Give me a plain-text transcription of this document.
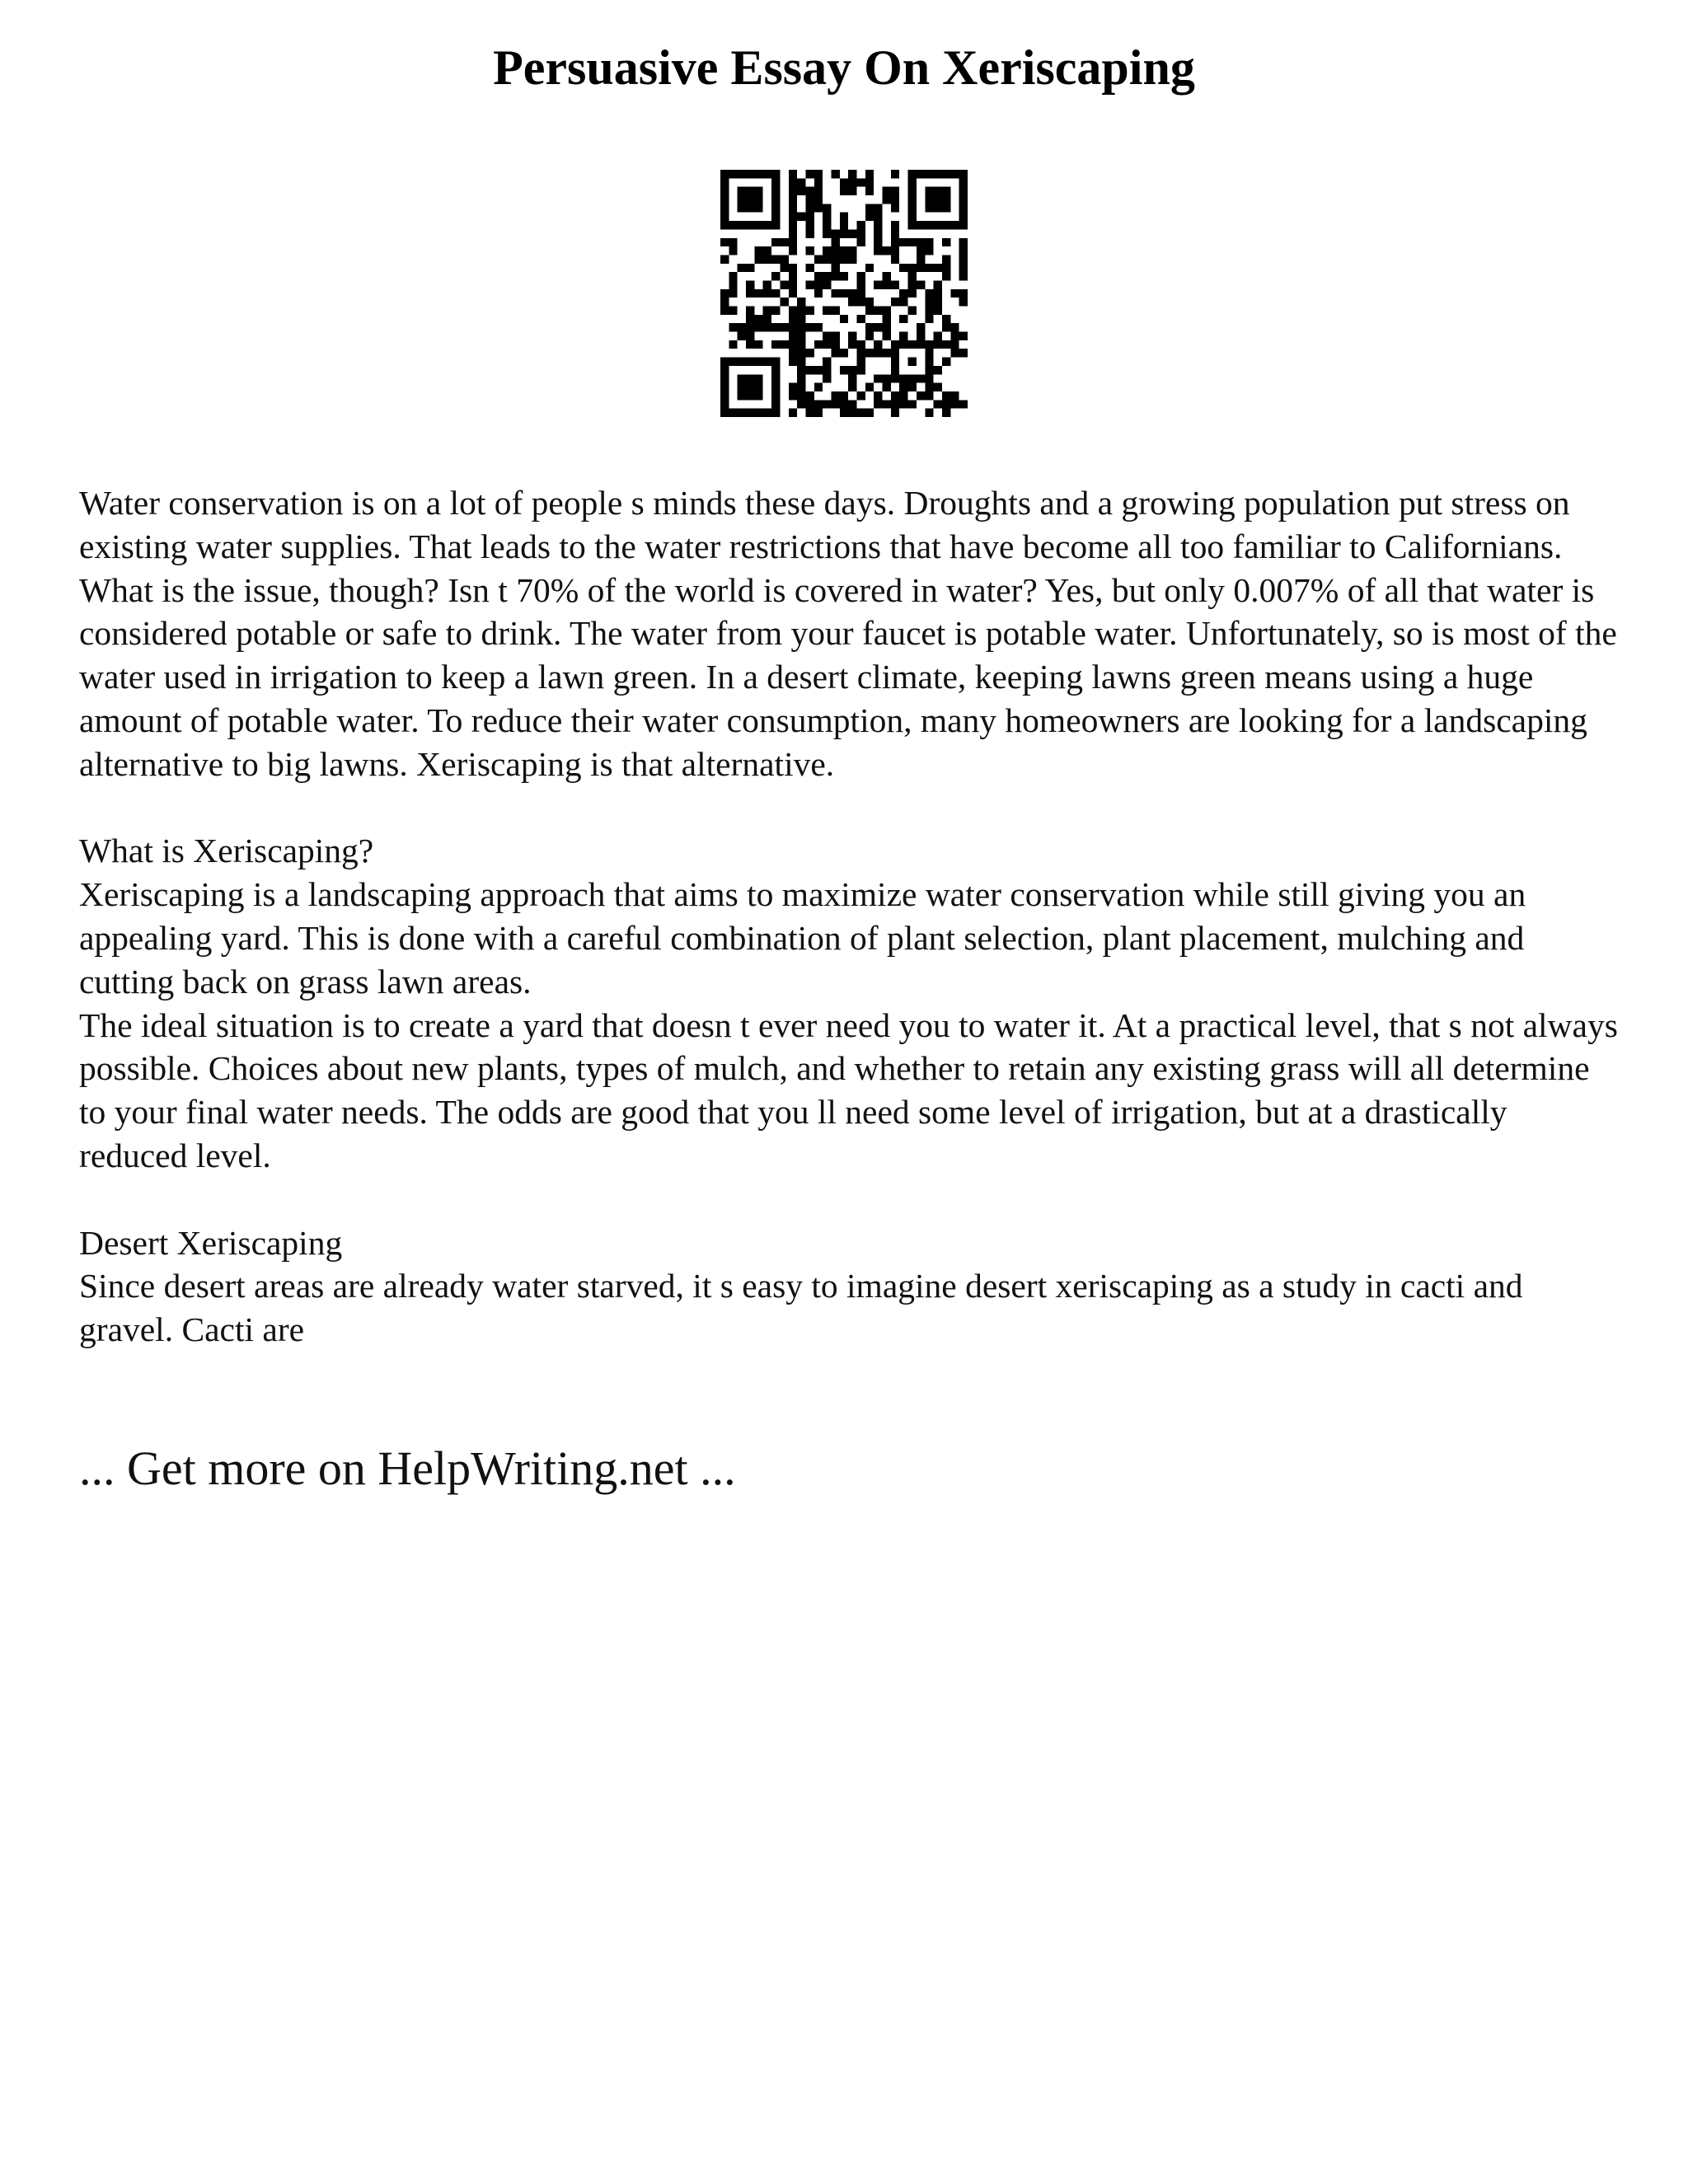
Persuasive Essay On Xeriscaping

Water conservation is on a lot of people s minds these days. Droughts and a growing population put stress on existing water supplies. That leads to the water restrictions that have become all too familiar to Californians. What is the issue, though? Isn t 70% of the world is covered in water? Yes, but only 0.007% of all that water is considered potable or safe to drink. The water from your faucet is potable water. Unfortunately, so is most of the water used in irrigation to keep a lawn green. In a desert climate, keeping lawns green means using a huge amount of potable water. To reduce their water consumption, many homeowners are looking for a landscaping alternative to big lawns. Xeriscaping is that alternative.

What is Xeriscaping?

Xeriscaping is a landscaping approach that aims to maximize water conservation while still giving you an appealing yard. This is done with a careful combination of plant selection, plant placement, mulching and cutting back on grass lawn areas.

The ideal situation is to create a yard that doesn t ever need you to water it. At a practical level, that s not always possible. Choices about new plants, types of mulch, and whether to retain any existing grass will all determine to your final water needs. The odds are good that you ll need some level of irrigation, but at a drastically reduced level.

Desert Xeriscaping

Since desert areas are already water starved, it s easy to imagine desert xeriscaping as a study in cacti and gravel. Cacti are

... Get more on HelpWriting.net ...
